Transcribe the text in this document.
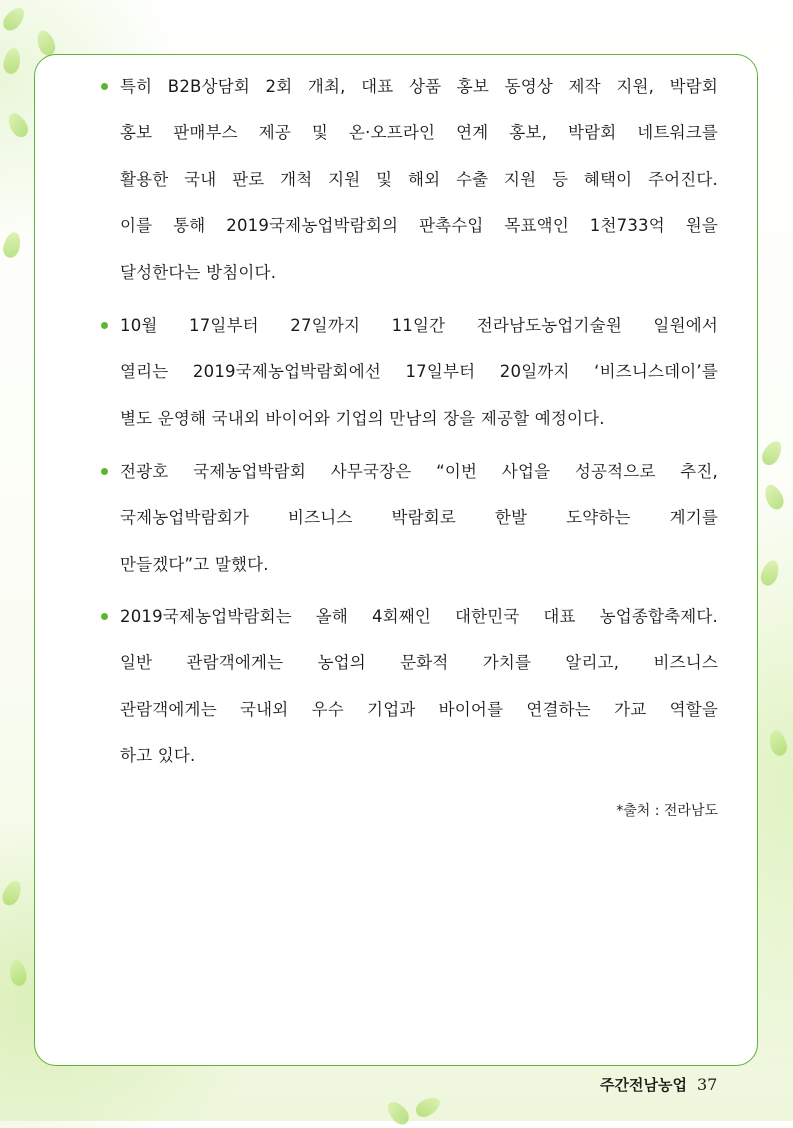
특히 B2B상담회 2회 개최, 대표 상품 홍보 동영상 제작 지원, 박람회
홍보 판매부스 제공 및 온·오프라인 연계 홍보, 박람회 네트워크를
활용한 국내 판로 개척 지원 및 해외 수출 지원 등 혜택이 주어진다.
이를 통해 2019국제농업박람회의 판촉수입 목표액인 1천733억 원을
달성한다는 방침이다.
10월 17일부터 27일까지 11일간 전라남도농업기술원 일원에서
열리는 2019국제농업박람회에선 17일부터 20일까지 ‘비즈니스데이’를
별도 운영해 국내외 바이어와 기업의 만남의 장을 제공할 예정이다.
전광호 국제농업박람회 사무국장은 “이번 사업을 성공적으로 추진,
국제농업박람회가 비즈니스 박람회로 한발 도약하는 계기를
만들겠다”고 말했다.
2019국제농업박람회는 올해 4회째인 대한민국 대표 농업종합축제다.
일반 관람객에게는 농업의 문화적 가치를 알리고, 비즈니스
관람객에게는 국내외 우수 기업과 바이어를 연결하는 가교 역할을
하고 있다.
*출처 : 전라남도
주간전남농업 37
